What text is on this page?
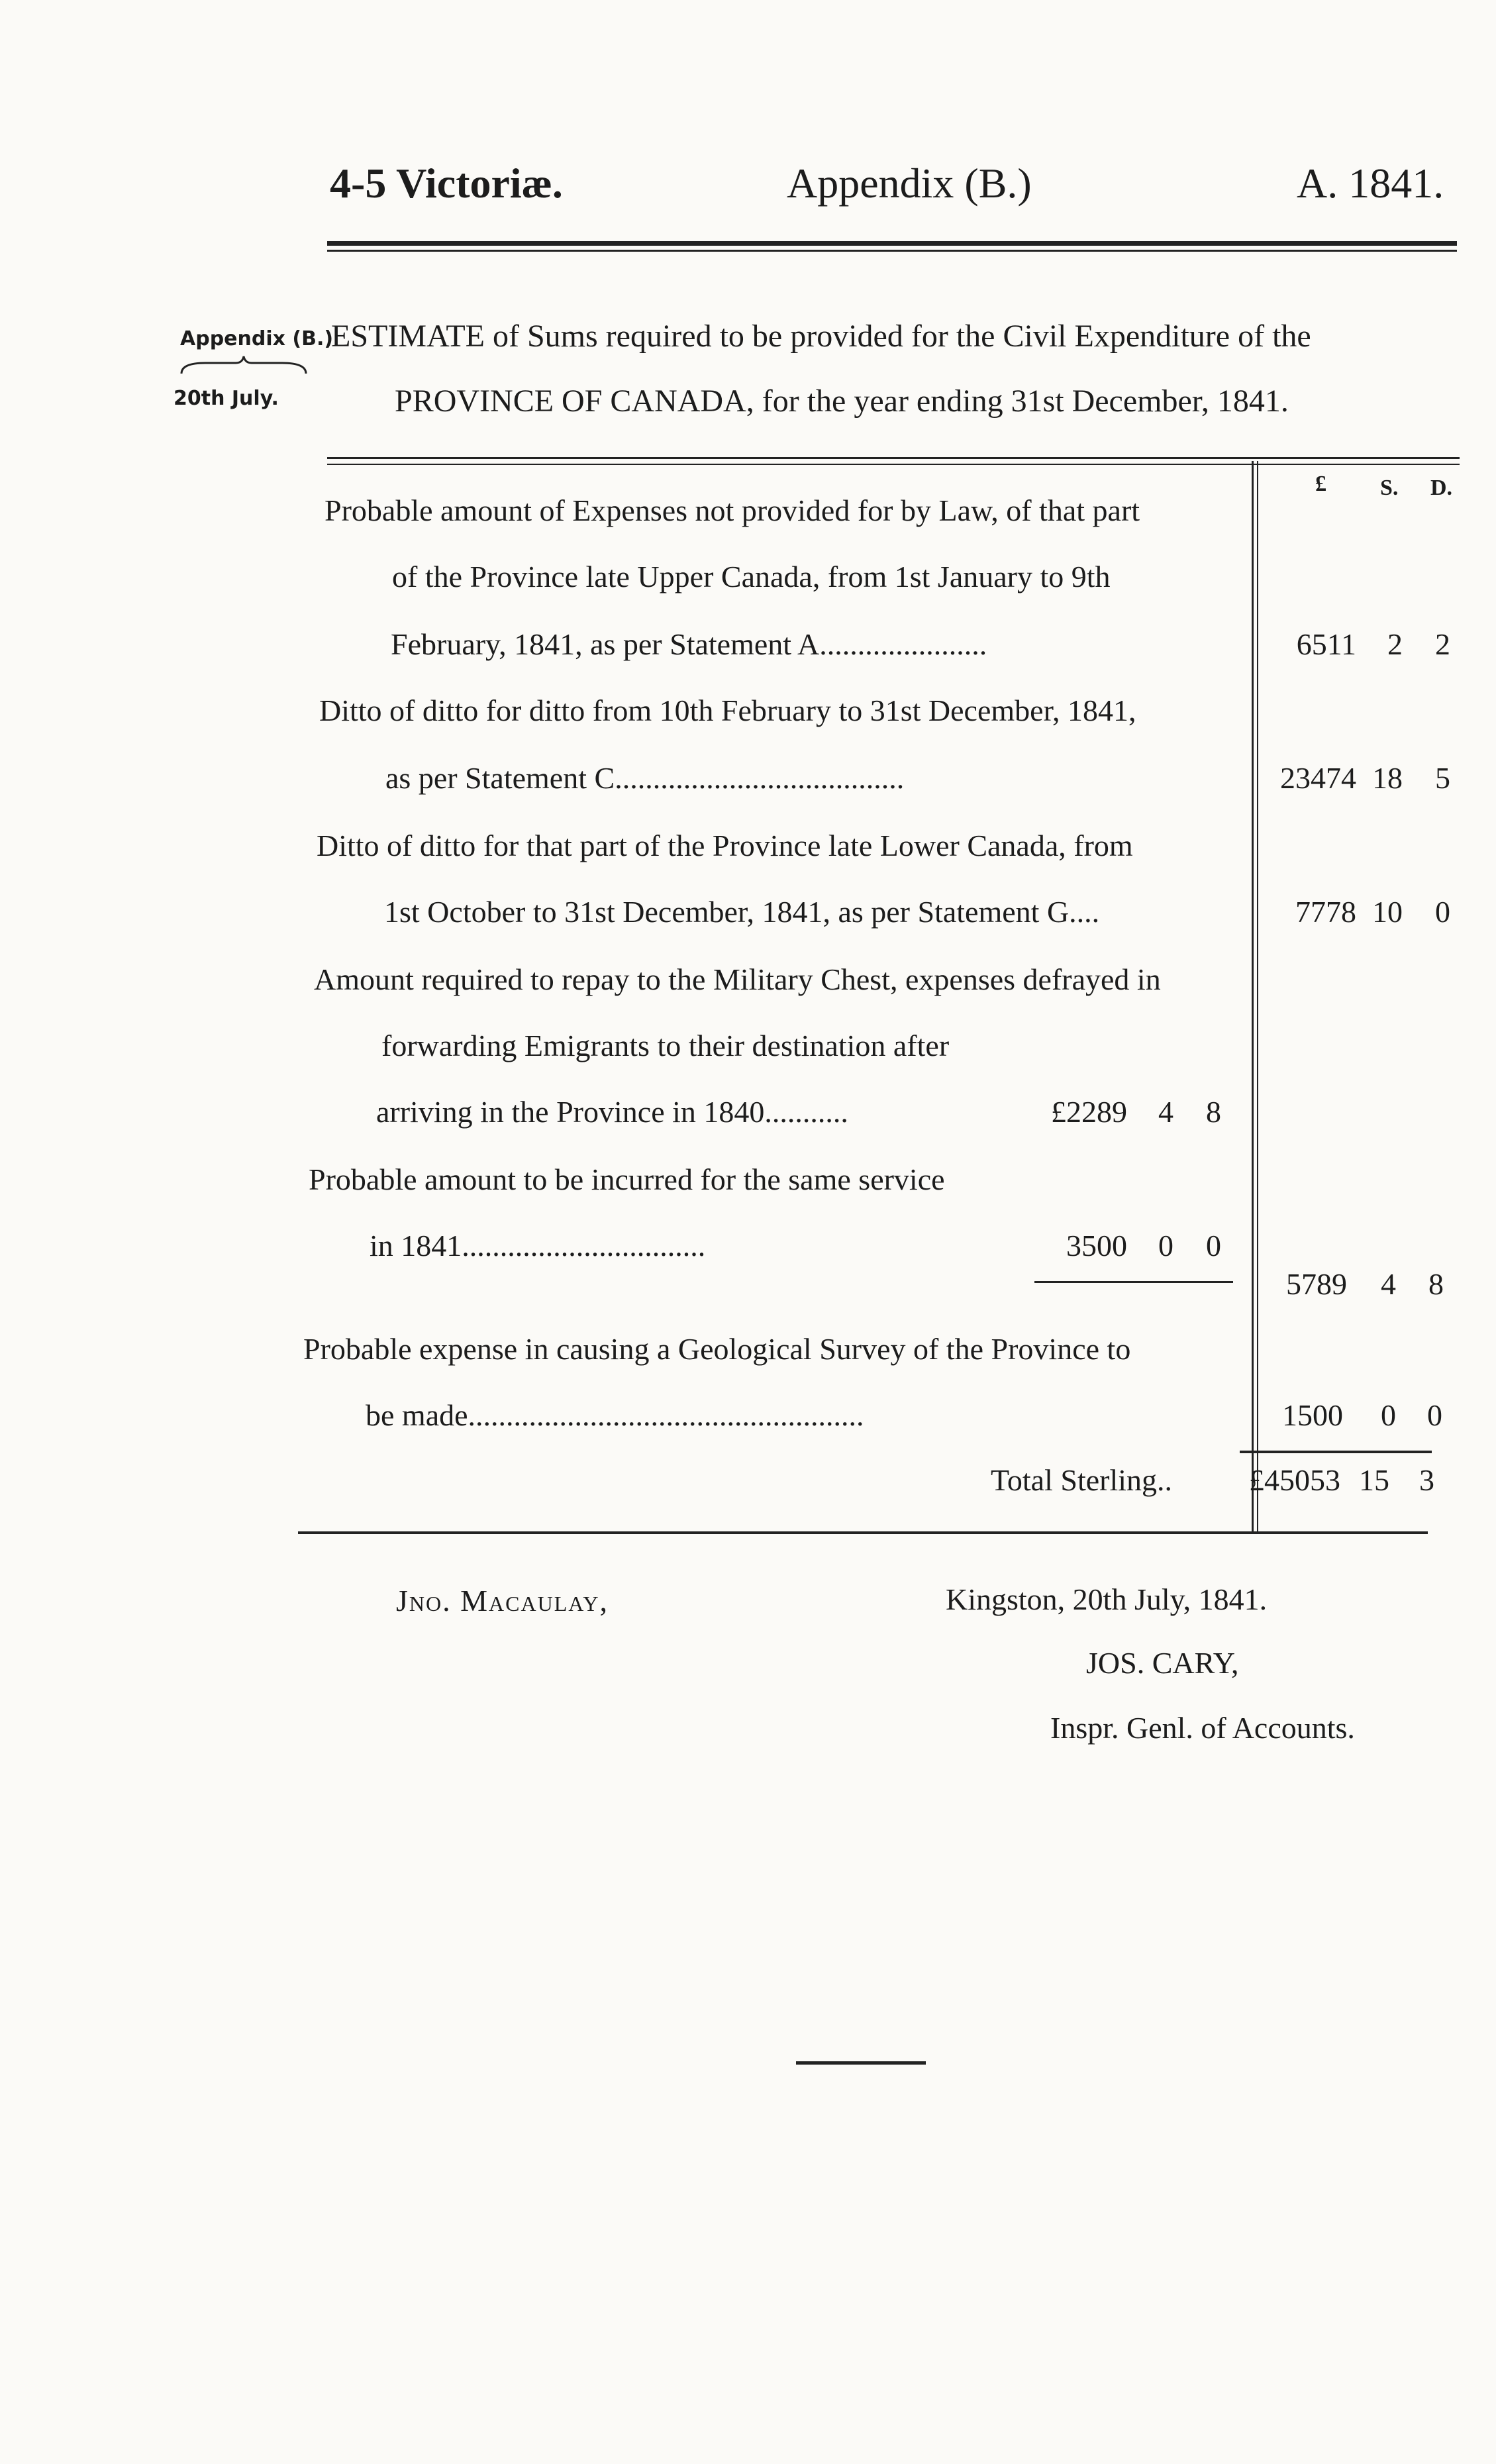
4-5 Victoriæ.	Appendix (B.)	A. 1841.
Appendix (B.)
20th July.
ESTIMATE of Sums required to be provided for the Civil Expenditure of the
PROVINCE OF CANADA, for the year ending 31st December, 1841.
£ S. D.
Probable amount of Expenses not provided for by Law, of that part
of the Province late Upper Canada, from 1st January to 9th
February, 1841, as per Statement A......................	6511	2	2
Ditto of ditto for ditto from 10th February to 31st December, 1841,
as per Statement C......................................	23474 18	5
Ditto of ditto for that part of the Province late Lower Canada, from
1st October to 31st December, 1841, as per Statement G....	7778 10	0
Amount required to repay to the Military Chest, expenses defrayed in
forwarding Emigrants to their destination after
arriving in the Province in 1840...........	£2289	4	8
Probable amount to be incurred for the same service
in 1841................................	3500	0	0
5789	4	8
Probable expense in causing a Geological Survey of the Province to
be made....................................................	1500	0	0
Total Sterling..	£45053 15 3
Jno. Macaulay,	Kingston, 20th July, 1841.
JOS. CARY,
Inspr. Genl. of Accounts.
